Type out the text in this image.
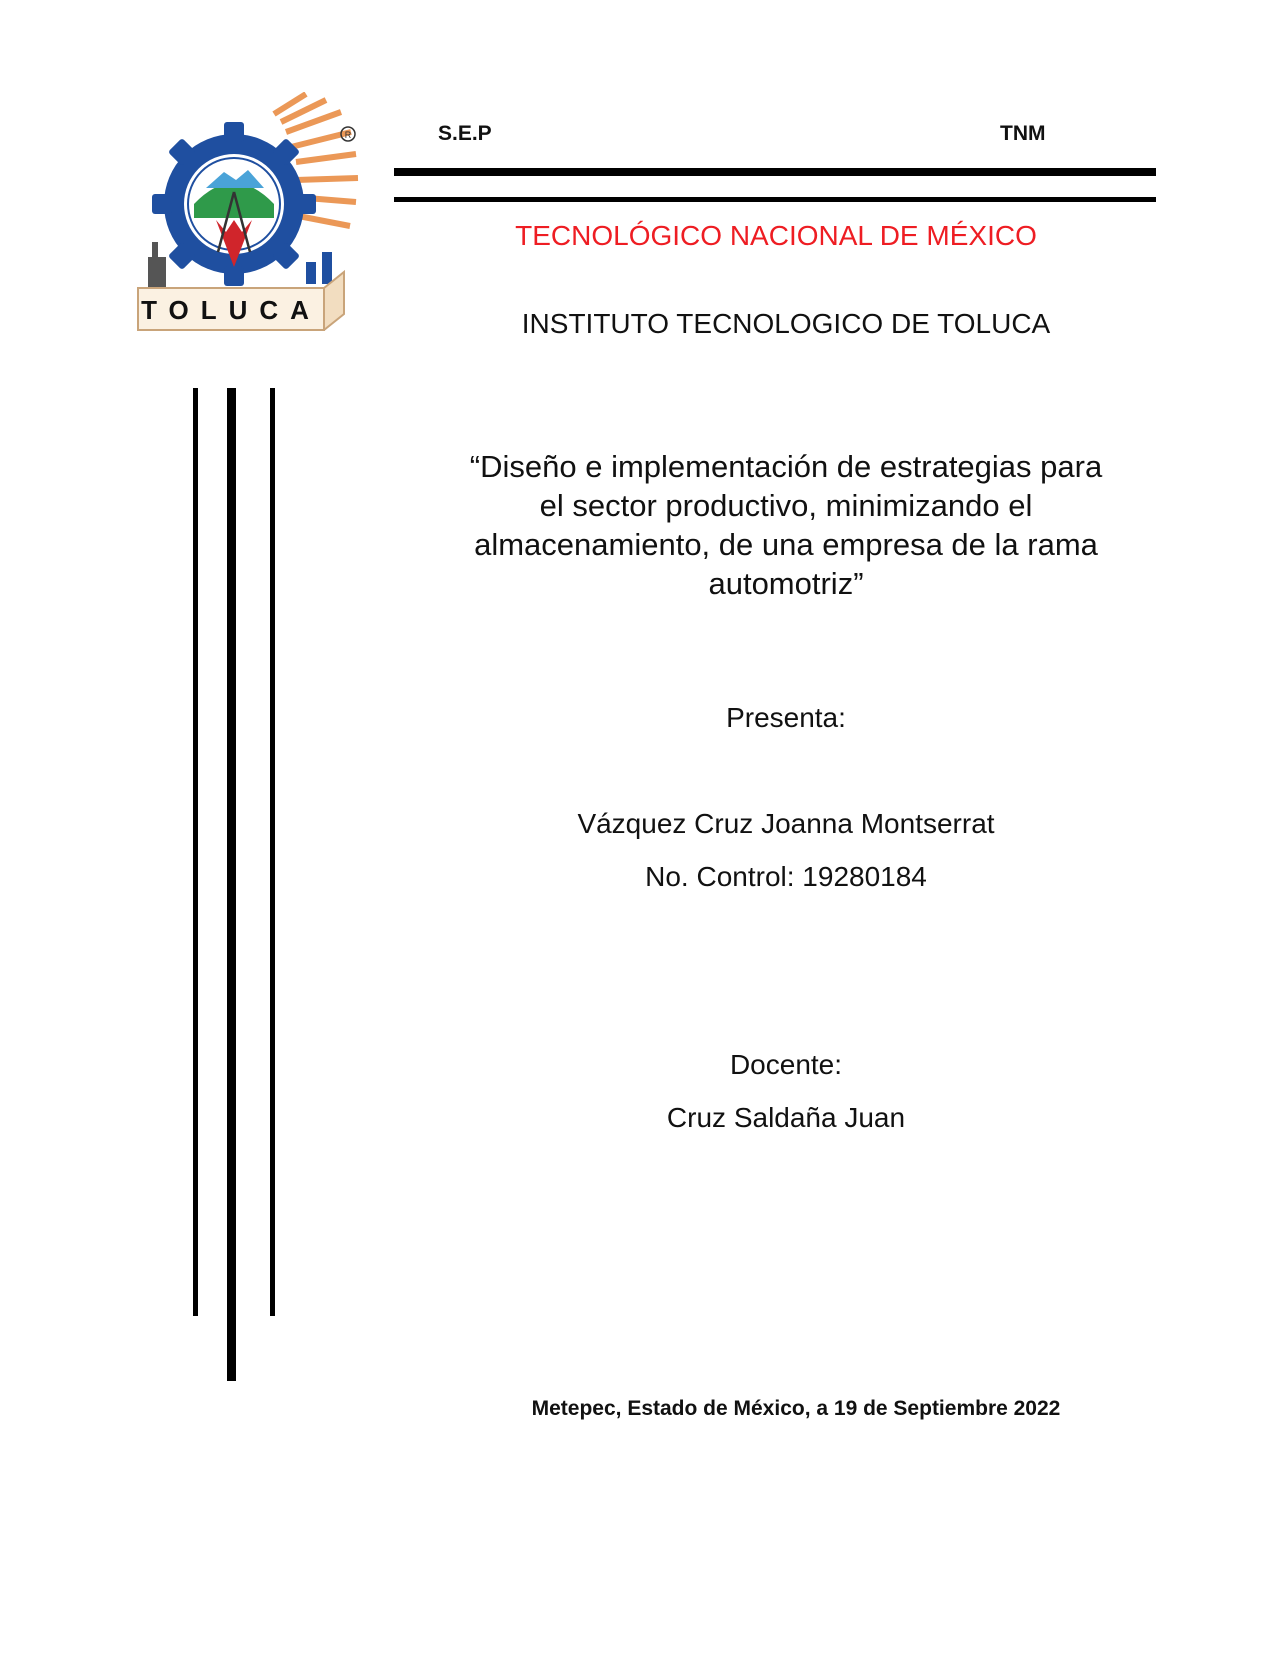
R
TOLUCA
S.E.P	TNM
TECNOLÓGICO NACIONAL DE MÉXICO
INSTITUTO TECNOLOGICO DE TOLUCA
“Diseño e implementación de estrategias para
el sector productivo, minimizando el
almacenamiento, de una empresa de la rama
automotriz”
Presenta:
Vázquez Cruz Joanna Montserrat
No. Control: 19280184
Docente:
Cruz Saldaña Juan
Metepec, Estado de México, a 19 de Septiembre 2022
